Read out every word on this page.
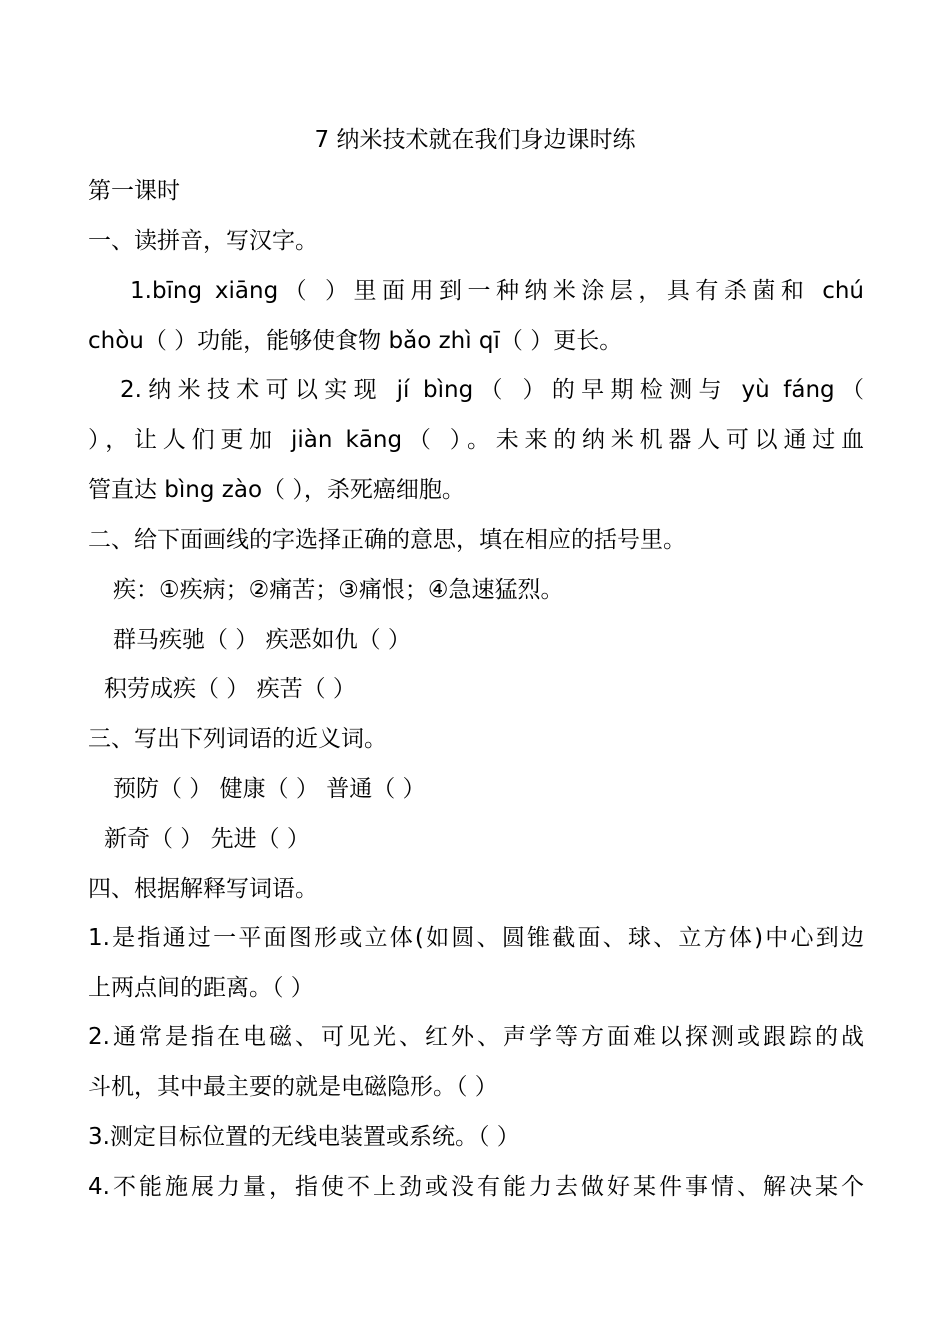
7 纳米技术就在我们身边课时练
第一课时
一、读拼音，写汉字。
1.bīng xiāng（ ）里面用到一种纳米涂层，具有杀菌和 chú
chòu（ ）功能，能够使食物 bǎo zhì qī（ ）更长。
2.纳米技术可以实现 jí bìng（ ）的早期检测与 yù fáng（
），让人们更加 jiàn kāng（ ）。未来的纳米机器人可以通过血
管直达 bìng zào（ ），杀死癌细胞。
二、给下面画线的字选择正确的意思，填在相应的括号里。
疾：①疾病；②痛苦；③痛恨；④急速猛烈。
群马疾驰（ ） 疾恶如仇（ ）
积劳成疾（ ） 疾苦（ ）
三、写出下列词语的近义词。
预防（ ） 健康（ ） 普通（ ）
新奇（ ） 先进（ ）
四、根据解释写词语。
1.是指通过一平面图形或立体(如圆、圆锥截面、球、立方体)中心到边
上两点间的距离。（ ）
2.通常是指在电磁、可见光、红外、声学等方面难以探测或跟踪的战
斗机，其中最主要的就是电磁隐形。（ ）
3.测定目标位置的无线电装置或系统。（ ）
4.不能施展力量，指使不上劲或没有能力去做好某件事情、解决某个
